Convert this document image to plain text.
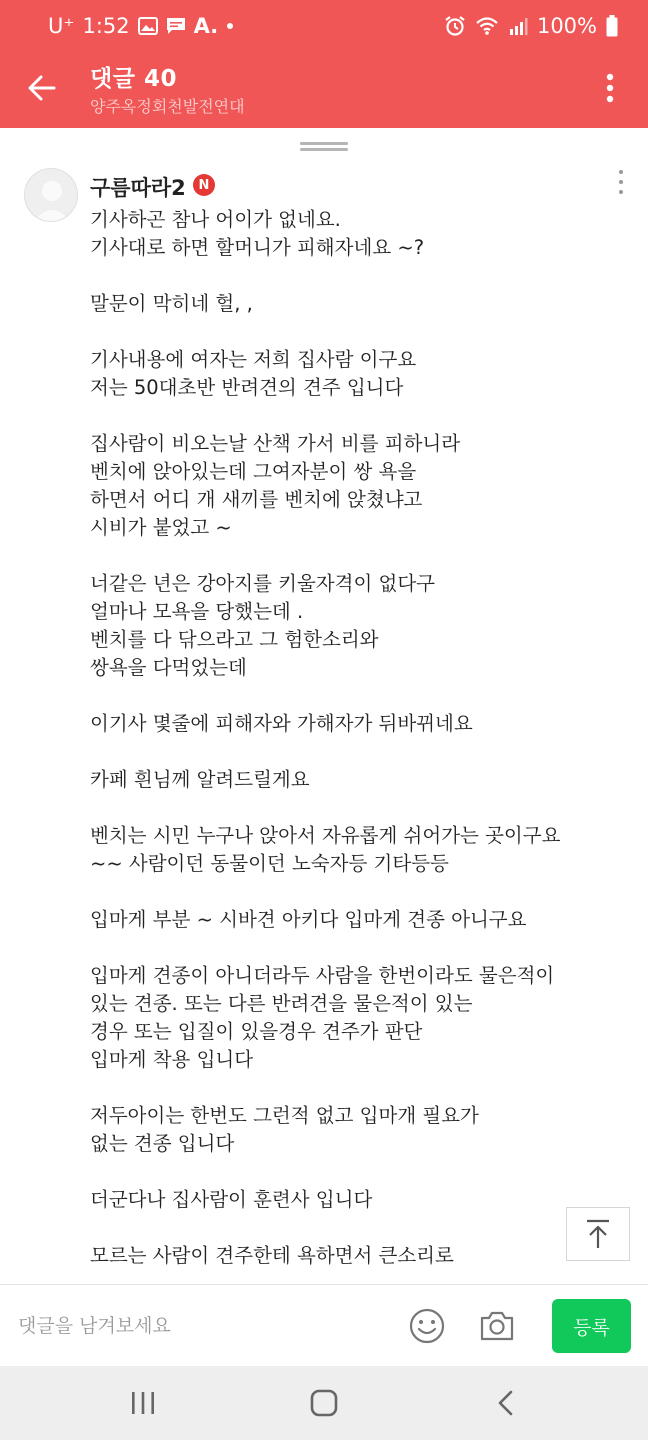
U⁺ 1:52	A.	100%
댓글 40
양주옥정회천발전연대
구름따라2 N
기사하곤 참나 어이가 없네요.
기사대로 하면 할머니가 피해자네요 ~?
말문이 막히네 헐, ,
기사내용에 여자는 저희 집사람 이구요
저는 50대초반 반려견의 견주 입니다
집사람이 비오는날 산책 가서 비를 피하니라
벤치에 앉아있는데 그여자분이 쌍 욕을
하면서 어디 개 새끼를 벤치에 앉쳤냐고
시비가 붙었고 ~
너같은 년은 강아지를 키울자격이 없다구
얼마나 모욕을 당했는데 .
벤치를 다 닦으라고 그 험한소리와
쌍욕을 다먹었는데
이기사 몇줄에 피해자와 가해자가 뒤바뀌네요
카페 흰님께 알려드릴게요
벤치는 시민 누구나 앉아서 자유롭게 쉬어가는 곳이구요
~~ 사람이던 동물이던 노숙자등 기타등등
입마게 부분 ~ 시바견 아키다 입마게 견종 아니구요
입마게 견종이 아니더라두 사람을 한번이라도 물은적이
있는 견종. 또는 다른 반려견을 물은적이 있는
경우 또는 입질이 있을경우 견주가 판단
입마게 착용 입니다
저두아이는 한번도 그런적 없고 입마개 필요가
없는 견종 입니다
더군다나 집사람이 훈련사 입니다
모르는 사람이 견주한테 욕하면서 큰소리로
댓글을 남겨보세요
등록
